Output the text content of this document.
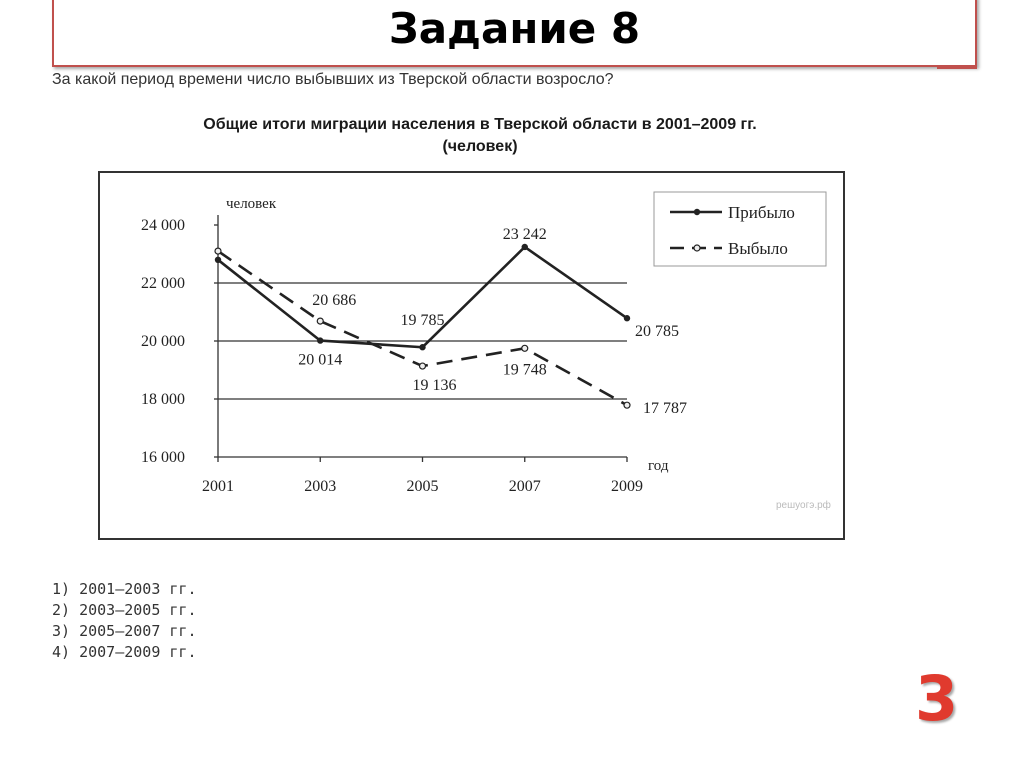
Задание 8
За какой период времени число выбывших из Тверской области возросло?
Общие итоги миграции населения в Тверской области в 2001–2009 гг.
(человек)
16 000
18 000
20 000
22 000
24 000
человек
год
2001	2003	2005	2007	2009
20 014
19 785
23 242
20 785
20 686
19 136
19 748
17 787
Прибыло
Выбыло
решуогэ.рф
1) 2001–2003 гг.
2) 2003–2005 гг.
3) 2005–2007 гг.
4) 2007–2009 гг.
3
